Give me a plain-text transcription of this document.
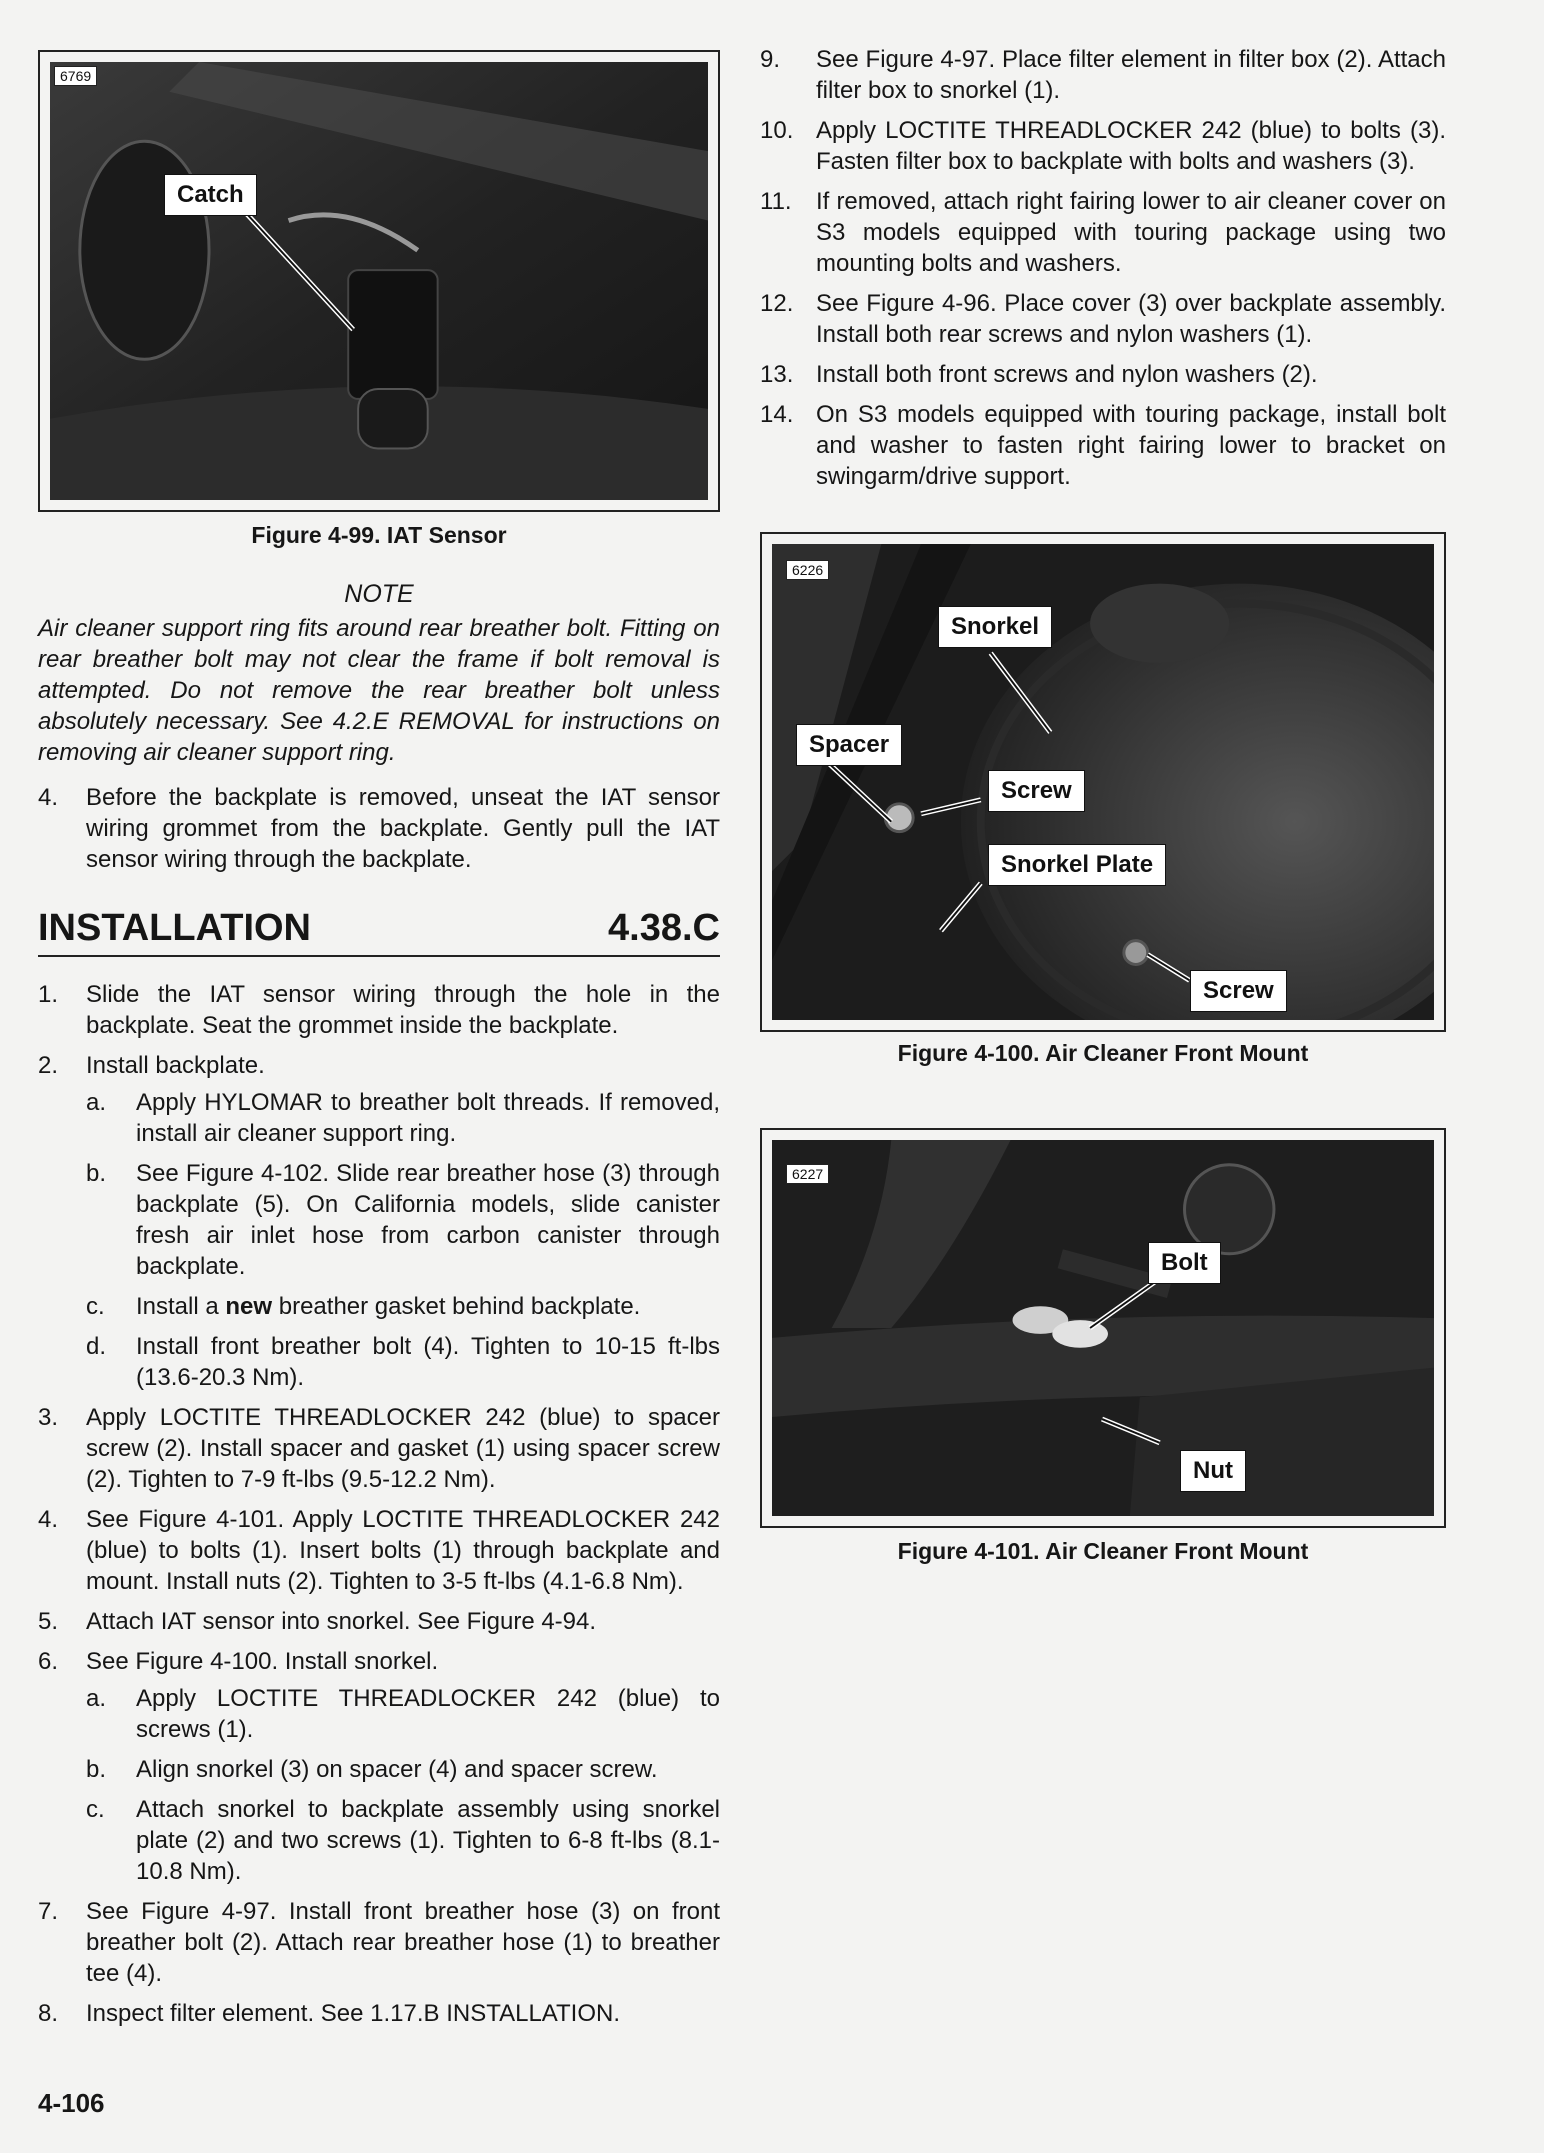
6769
Catch
Figure 4-99. IAT Sensor

NOTE

Air cleaner support ring fits around rear breather bolt. Fitting on rear breather bolt may not clear the frame if bolt removal is attempted. Do not remove the rear breather bolt unless absolutely necessary. See 4.2.E REMOVAL for instructions on removing air cleaner support ring.

4. Before the backplate is removed, unseat the IAT sensor wiring grommet from the backplate. Gently pull the IAT sensor wiring through the backplate.
INSTALLATION	4.38.C
1. Slide the IAT sensor wiring through the hole in the backplate. Seat the grommet inside the backplate.
2. Install backplate.
a. Apply HYLOMAR to breather bolt threads. If removed, install air cleaner support ring.
b. See Figure 4-102. Slide rear breather hose (3) through backplate (5). On California models, slide canister fresh air inlet hose from carbon canister through backplate.
c. Install a new breather gasket behind backplate.
d. Install front breather bolt (4). Tighten to 10-15 ft-lbs (13.6-20.3 Nm).
3. Apply LOCTITE THREADLOCKER 242 (blue) to spacer screw (2). Install spacer and gasket (1) using spacer screw (2). Tighten to 7-9 ft-lbs (9.5-12.2 Nm).
4. See Figure 4-101. Apply LOCTITE THREADLOCKER 242 (blue) to bolts (1). Insert bolts (1) through backplate and mount. Install nuts (2). Tighten to 3-5 ft-lbs (4.1-6.8 Nm).
5. Attach IAT sensor into snorkel. See Figure 4-94.
6. See Figure 4-100. Install snorkel.
a. Apply LOCTITE THREADLOCKER 242 (blue) to screws (1).
b. Align snorkel (3) on spacer (4) and spacer screw.
c. Attach snorkel to backplate assembly using snorkel plate (2) and two screws (1). Tighten to 6-8 ft-lbs (8.1-10.8 Nm).
7. See Figure 4-97. Install front breather hose (3) on front breather bolt (2). Attach rear breather hose (1) to breather tee (4).
8. Inspect filter element. See 1.17.B INSTALLATION.
9. See Figure 4-97. Place filter element in filter box (2). Attach filter box to snorkel (1).
10. Apply LOCTITE THREADLOCKER 242 (blue) to bolts (3). Fasten filter box to backplate with bolts and washers (3).
11. If removed, attach right fairing lower to air cleaner cover on S3 models equipped with touring package using two mounting bolts and washers.
12. See Figure 4-96. Place cover (3) over backplate assembly. Install both rear screws and nylon washers (1).
13. Install both front screws and nylon washers (2).
14. On S3 models equipped with touring package, install bolt and washer to fasten right fairing lower to bracket on swingarm/drive support.
6226
Snorkel
Spacer
Screw
Snorkel Plate
Screw
Figure 4-100. Air Cleaner Front Mount
6227
Bolt
Nut
Figure 4-101. Air Cleaner Front Mount
4-106
